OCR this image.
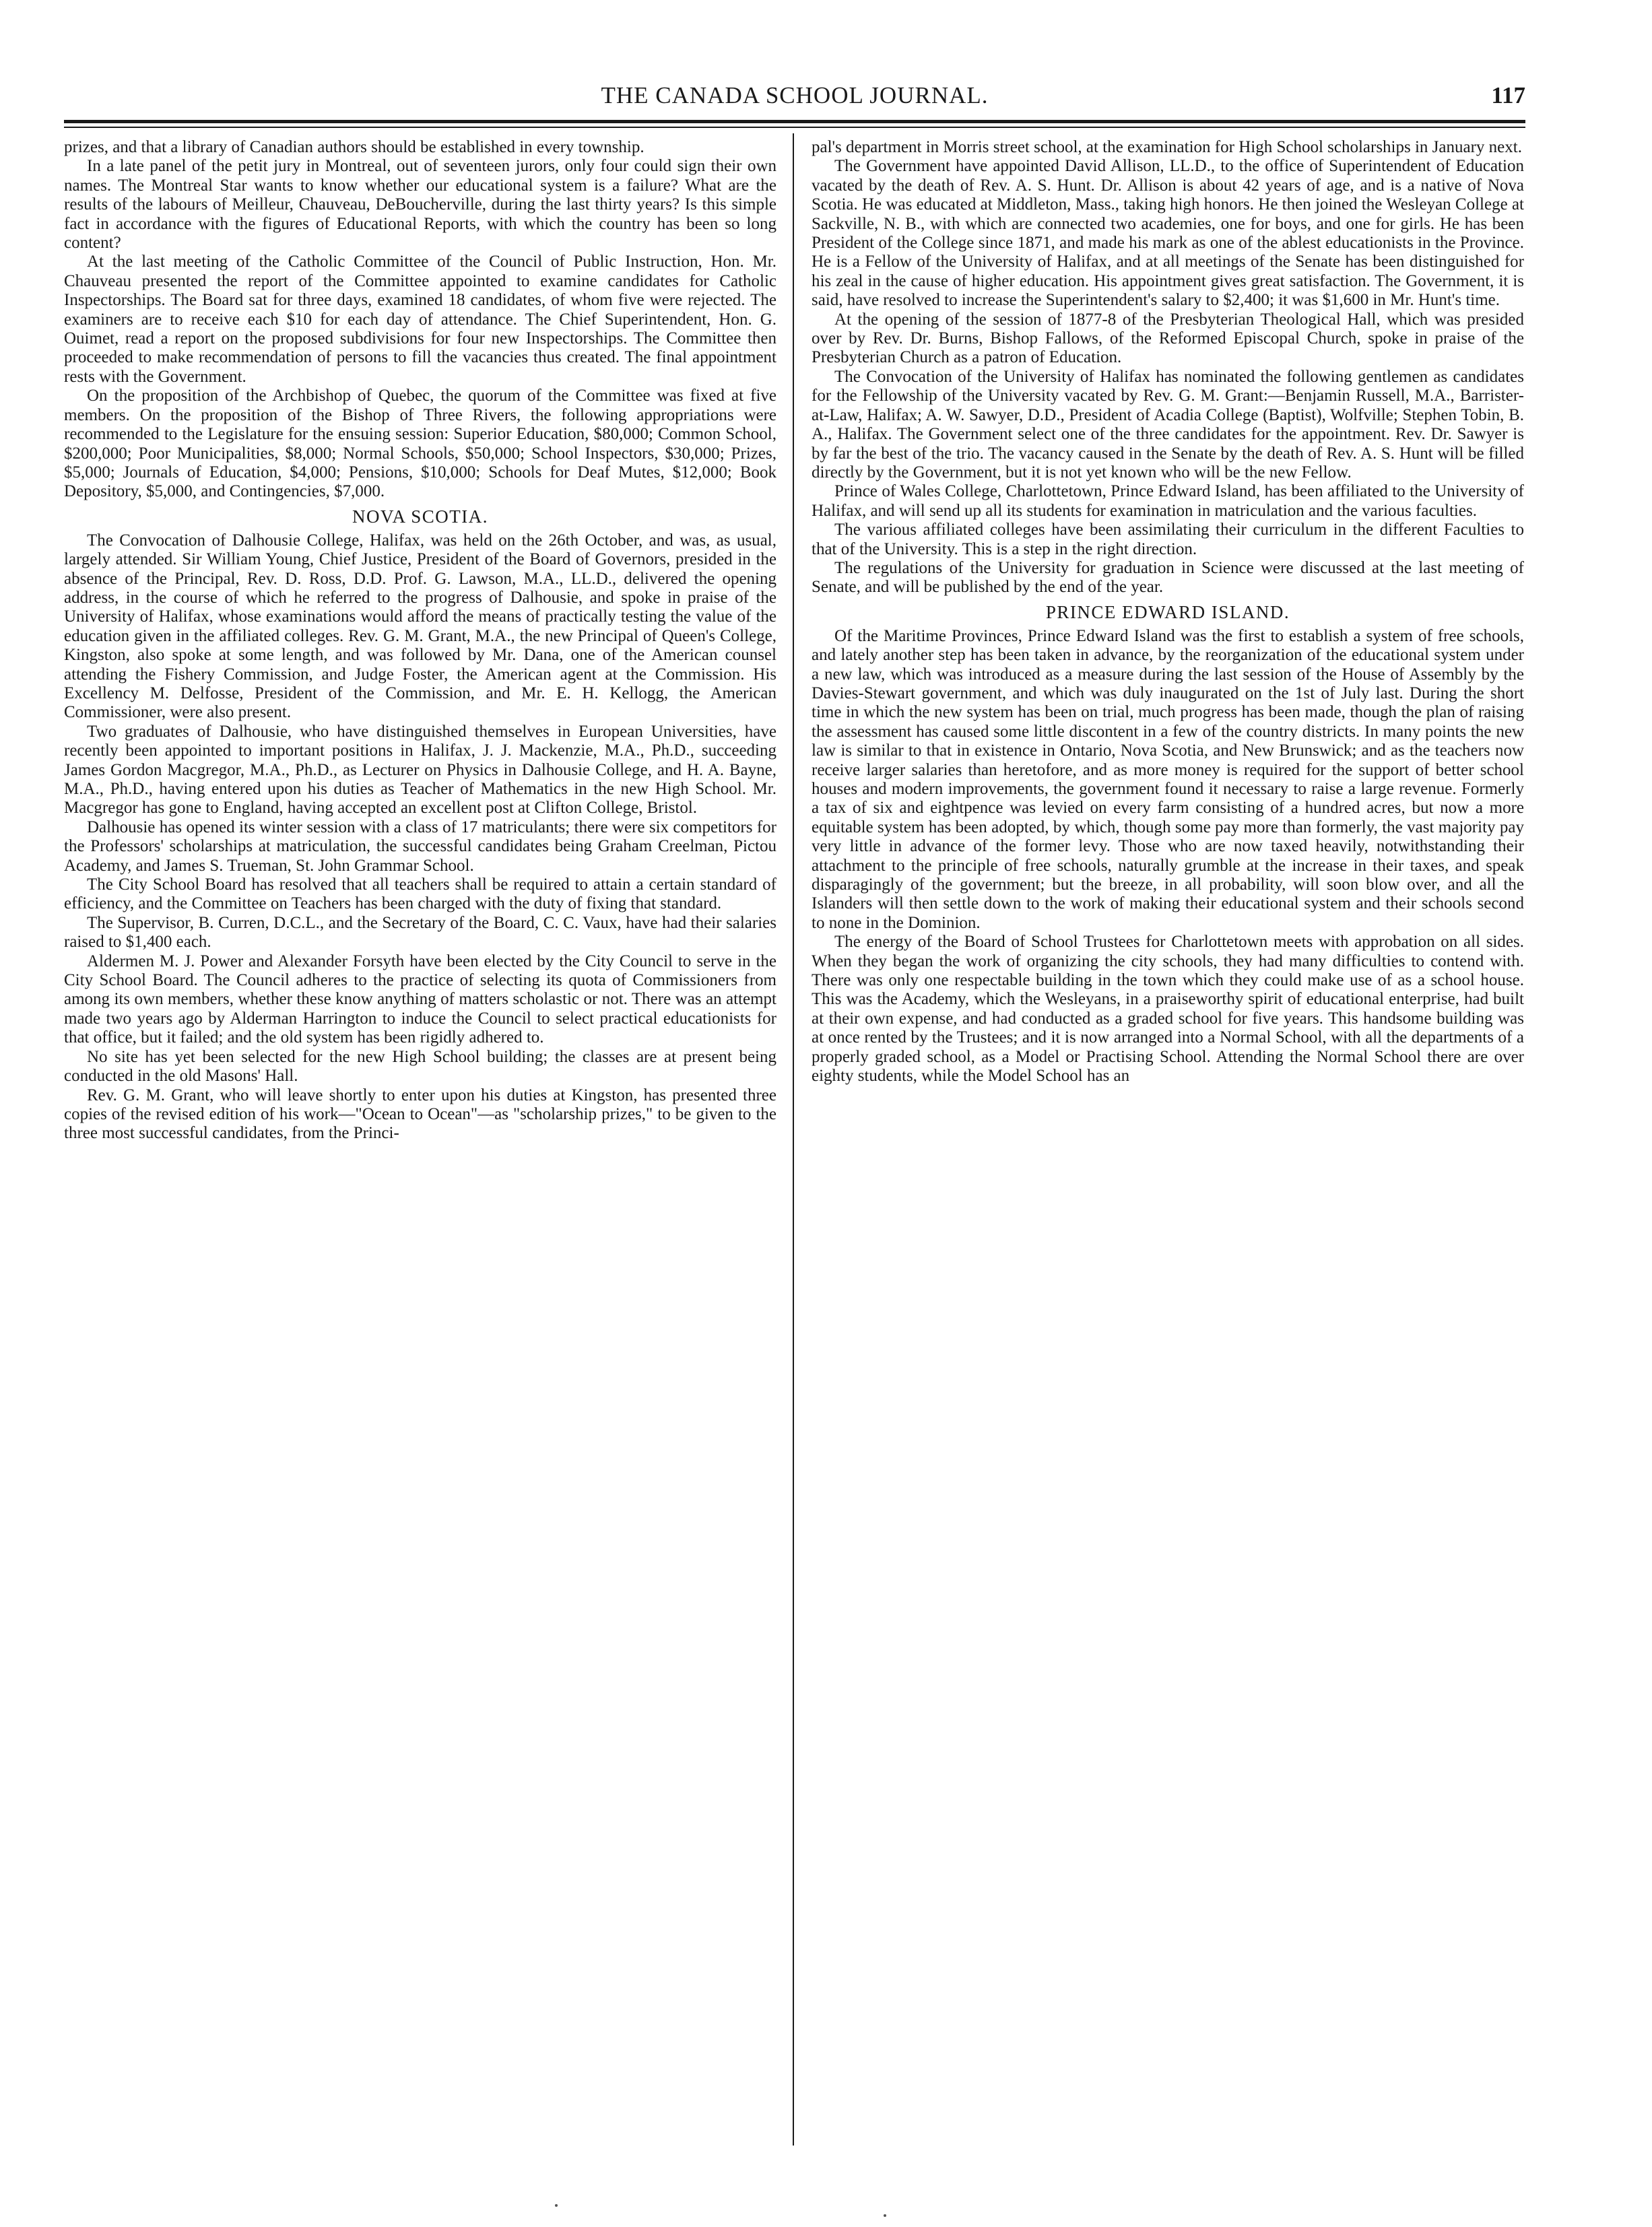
THE CANADA SCHOOL JOURNAL.	117

prizes, and that a library of Canadian authors should be established in every township.

In a late panel of the petit jury in Montreal, out of seventeen jurors, only four could sign their own names. The Montreal Star wants to know whether our educational system is a failure? What are the results of the labours of Meilleur, Chauveau, DeBoucherville, during the last thirty years? Is this simple fact in accordance with the figures of Educational Reports, with which the country has been so long content?

At the last meeting of the Catholic Committee of the Council of Public Instruction, Hon. Mr. Chauveau presented the report of the Committee appointed to examine candidates for Catholic Inspectorships. The Board sat for three days, examined 18 candidates, of whom five were rejected. The examiners are to receive each $10 for each day of attendance. The Chief Superintendent, Hon. G. Ouimet, read a report on the proposed subdivisions for four new Inspectorships. The Committee then proceeded to make recommendation of persons to fill the vacancies thus created. The final appointment rests with the Government.

On the proposition of the Archbishop of Quebec, the quorum of the Committee was fixed at five members. On the proposition of the Bishop of Three Rivers, the following appropriations were recommended to the Legislature for the ensuing session: Superior Education, $80,000; Common School, $200,000; Poor Municipalities, $8,000; Normal Schools, $50,000; School Inspectors, $30,000; Prizes, $5,000; Journals of Education, $4,000; Pensions, $10,000; Schools for Deaf Mutes, $12,000; Book Depository, $5,000, and Contingencies, $7,000.

NOVA SCOTIA.

The Convocation of Dalhousie College, Halifax, was held on the 26th October, and was, as usual, largely attended. Sir William Young, Chief Justice, President of the Board of Governors, presided in the absence of the Principal, Rev. D. Ross, D.D. Prof. G. Lawson, M.A., LL.D., delivered the opening address, in the course of which he referred to the progress of Dalhousie, and spoke in praise of the University of Halifax, whose examinations would afford the means of practically testing the value of the education given in the affiliated colleges. Rev. G. M. Grant, M.A., the new Principal of Queen's College, Kingston, also spoke at some length, and was followed by Mr. Dana, one of the American counsel attending the Fishery Commission, and Judge Foster, the American agent at the Commission. His Excellency M. Delfosse, President of the Commission, and Mr. E. H. Kellogg, the American Commissioner, were also present.

Two graduates of Dalhousie, who have distinguished themselves in European Universities, have recently been appointed to important positions in Halifax, J. J. Mackenzie, M.A., Ph.D., succeeding James Gordon Macgregor, M.A., Ph.D., as Lecturer on Physics in Dalhousie College, and H. A. Bayne, M.A., Ph.D., having entered upon his duties as Teacher of Mathematics in the new High School. Mr. Macgregor has gone to England, having accepted an excellent post at Clifton College, Bristol.

Dalhousie has opened its winter session with a class of 17 matriculants; there were six competitors for the Professors' scholarships at matriculation, the successful candidates being Graham Creelman, Pictou Academy, and James S. Trueman, St. John Grammar School.

The City School Board has resolved that all teachers shall be required to attain a certain standard of efficiency, and the Committee on Teachers has been charged with the duty of fixing that standard.

The Supervisor, B. Curren, D.C.L., and the Secretary of the Board, C. C. Vaux, have had their salaries raised to $1,400 each.

Aldermen M. J. Power and Alexander Forsyth have been elected by the City Council to serve in the City School Board. The Council adheres to the practice of selecting its quota of Commissioners from among its own members, whether these know anything of matters scholastic or not. There was an attempt made two years ago by Alderman Harrington to induce the Council to select practical educationists for that office, but it failed; and the old system has been rigidly adhered to.

No site has yet been selected for the new High School building; the classes are at present being conducted in the old Masons' Hall.

Rev. G. M. Grant, who will leave shortly to enter upon his duties at Kingston, has presented three copies of the revised edition of his work—"Ocean to Ocean"—as "scholarship prizes," to be given to the three most successful candidates, from the Princi-

pal's department in Morris street school, at the examination for High School scholarships in January next.

The Government have appointed David Allison, LL.D., to the office of Superintendent of Education vacated by the death of Rev. A. S. Hunt. Dr. Allison is about 42 years of age, and is a native of Nova Scotia. He was educated at Middleton, Mass., taking high honors. He then joined the Wesleyan College at Sackville, N. B., with which are connected two academies, one for boys, and one for girls. He has been President of the College since 1871, and made his mark as one of the ablest educationists in the Province. He is a Fellow of the University of Halifax, and at all meetings of the Senate has been distinguished for his zeal in the cause of higher education. His appointment gives great satisfaction. The Government, it is said, have resolved to increase the Superintendent's salary to $2,400; it was $1,600 in Mr. Hunt's time.

At the opening of the session of 1877-8 of the Presbyterian Theological Hall, which was presided over by Rev. Dr. Burns, Bishop Fallows, of the Reformed Episcopal Church, spoke in praise of the Presbyterian Church as a patron of Education.

The Convocation of the University of Halifax has nominated the following gentlemen as candidates for the Fellowship of the University vacated by Rev. G. M. Grant:—Benjamin Russell, M.A., Barrister-at-Law, Halifax; A. W. Sawyer, D.D., President of Acadia College (Baptist), Wolfville; Stephen Tobin, B. A., Halifax. The Government select one of the three candidates for the appointment. Rev. Dr. Sawyer is by far the best of the trio. The vacancy caused in the Senate by the death of Rev. A. S. Hunt will be filled directly by the Government, but it is not yet known who will be the new Fellow.

Prince of Wales College, Charlottetown, Prince Edward Island, has been affiliated to the University of Halifax, and will send up all its students for examination in matriculation and the various faculties.

The various affiliated colleges have been assimilating their curriculum in the different Faculties to that of the University. This is a step in the right direction.

The regulations of the University for graduation in Science were discussed at the last meeting of Senate, and will be published by the end of the year.

PRINCE EDWARD ISLAND.

Of the Maritime Provinces, Prince Edward Island was the first to establish a system of free schools, and lately another step has been taken in advance, by the reorganization of the educational system under a new law, which was introduced as a measure during the last session of the House of Assembly by the Davies-Stewart government, and which was duly inaugurated on the 1st of July last. During the short time in which the new system has been on trial, much progress has been made, though the plan of raising the assessment has caused some little discontent in a few of the country districts. In many points the new law is similar to that in existence in Ontario, Nova Scotia, and New Brunswick; and as the teachers now receive larger salaries than heretofore, and as more money is required for the support of better school houses and modern improvements, the government found it necessary to raise a large revenue. Formerly a tax of six and eightpence was levied on every farm consisting of a hundred acres, but now a more equitable system has been adopted, by which, though some pay more than formerly, the vast majority pay very little in advance of the former levy. Those who are now taxed heavily, notwithstanding their attachment to the principle of free schools, naturally grumble at the increase in their taxes, and speak disparagingly of the government; but the breeze, in all probability, will soon blow over, and all the Islanders will then settle down to the work of making their educational system and their schools second to none in the Dominion.

The energy of the Board of School Trustees for Charlottetown meets with approbation on all sides. When they began the work of organizing the city schools, they had many difficulties to contend with. There was only one respectable building in the town which they could make use of as a school house. This was the Academy, which the Wesleyans, in a praiseworthy spirit of educational enterprise, had built at their own expense, and had conducted as a graded school for five years. This handsome building was at once rented by the Trustees; and it is now arranged into a Normal School, with all the departments of a properly graded school, as a Model or Practising School. Attending the Normal School there are over eighty students, while the Model School has an
